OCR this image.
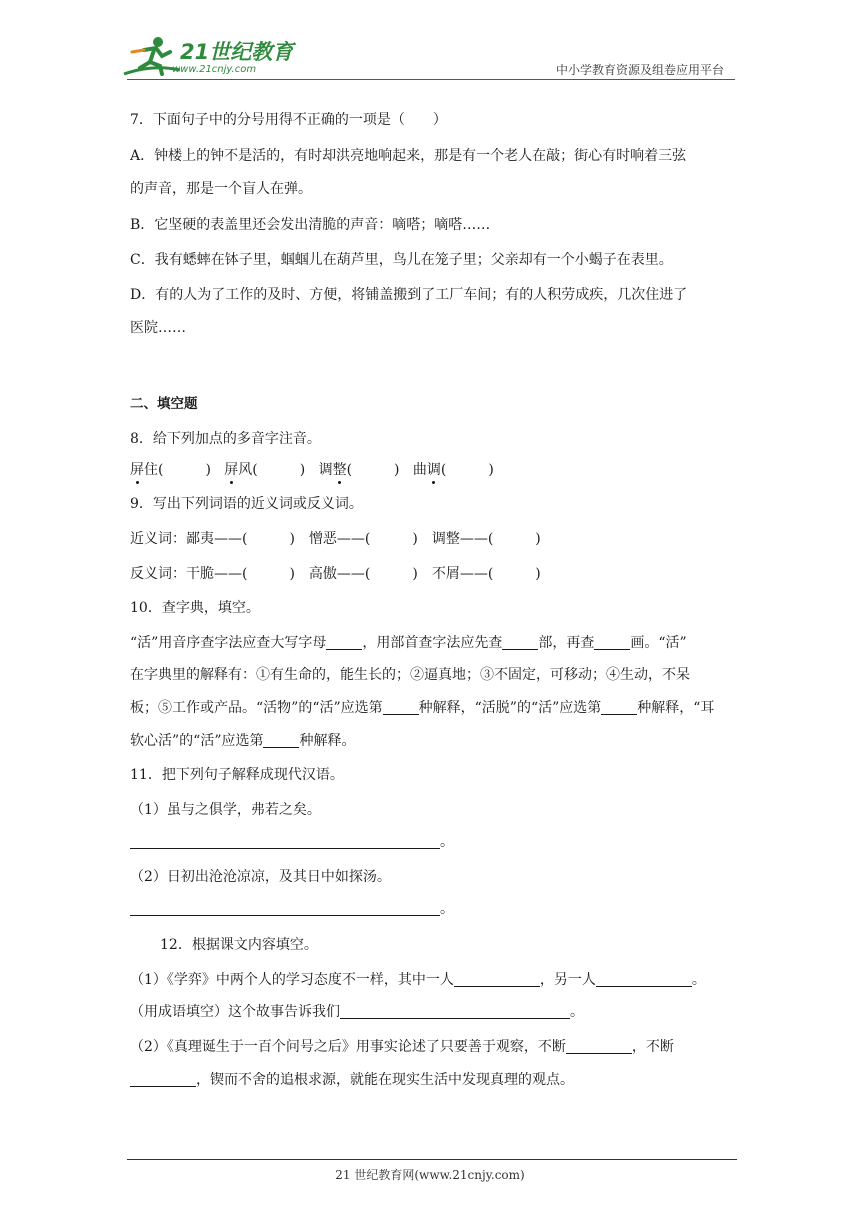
21世纪教育
www.21cnjy.com	中小学教育资源及组卷应用平台
7．下面句子中的分号用得不正确的一项是（　　）
A．钟楼上的钟不是活的，有时却洪亮地响起来，那是有一个老人在敲；街心有时响着三弦
的声音，那是一个盲人在弹。
B．它坚硬的表盖里还会发出清脆的声音：嘀嗒；嘀嗒……
C．我有蟋蟀在钵子里，蝈蝈儿在葫芦里，鸟儿在笼子里；父亲却有一个小蝎子在表里。
D．有的人为了工作的及时、方便，将铺盖搬到了工厂车间；有的人积劳成疾，几次住进了
医院……
二、填空题
8．给下列加点的多音字注音。
屏住(　　　) 屏风(　　　) 调整(　　　) 曲调(　　　)
9．写出下列词语的近义词或反义词。
近义词：鄙夷——(　　　)　憎恶——(　　　)　调整——(　　　)
反义词：干脆——(　　　)　高傲——(　　　)　不屑——(　　　)
10．查字典，填空。
“活”用音序查字法应查大写字母	，用部首查字法应先查	部，再查	画。“活”
在字典里的解释有：①有生命的，能生长的；②逼真地；③不固定，可移动；④生动，不呆
板；⑤工作或产品。“活物”的“活”应选第	种解释，“活脱”的“活”应选第	种解释，“耳
软心活”的“活”应选第	种解释。
11．把下列句子解释成现代汉语。
（1）虽与之俱学，弗若之矣。
。
（2）日初出沧沧凉凉，及其日中如探汤。
。
12．根据课文内容填空。
（1）《学弈》中两个人的学习态度不一样，其中一人	，另一人	。
（用成语填空）这个故事告诉我们	。
（2）《真理诞生于一百个问号之后》用事实论述了只要善于观察，不断	，不断
，锲而不舍的追根求源，就能在现实生活中发现真理的观点。
21 世纪教育网(www.21cnjy.com)
